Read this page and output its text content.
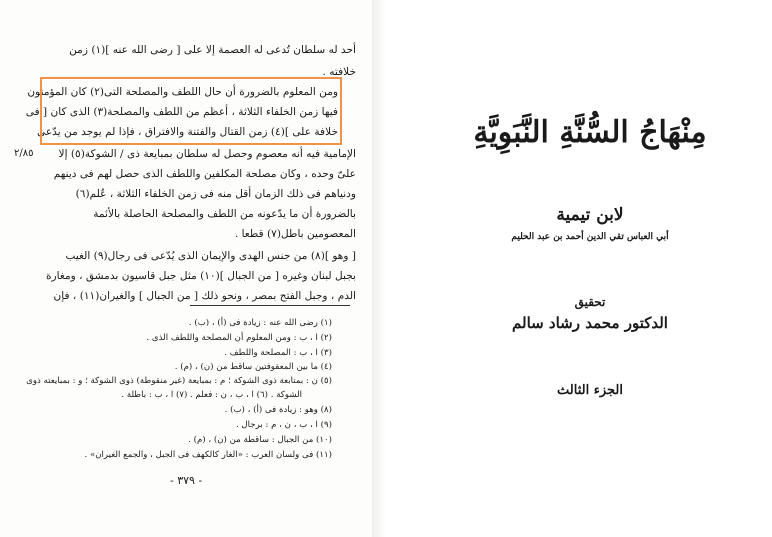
أحد له سلطان تُدعى له العصمة إلا على [ رضى الله عنه ](١) زمن
خلافته .
ومن المعلوم بالضرورة أن حال اللطف والمصلحة التى(٢) كان المؤمنون
فيها زمن الخلفاء الثلاثة ، أعظم من اللطف والمصلحة(٣) الذى كان [ فى
خلافة على ](٤) زمن القتال والفتنة والافتراق ، فإذا لم يوجد من يدّعى
الإمامية فيه أنه معصوم وحصل له سلطان بمبايعة ذى / الشوكة(٥) إلا
علىّ وحده ، وكان مصلحة المكلفين واللطف الذى حصل لهم فى دينهم
ودنياهم فى ذلك الزمان أقل منه فى زمن الخلفاء الثلاثة ، عُلم(٦)
بالضرورة أن ما يدّعونه من اللطف والمصلحة الحاصلة بالأئمة
المعصومين باطل(٧) قطعا .
[ وهو ](٨) من جنس الهدى والإيمان الذى يُدّعى فى رجال(٩) الغيب
بجبل لبنان وغيره [ من الجبال ](١٠) مثل جبل قاسيون بدمشق ، ومغارة
الدم ، وجبل الفتح بمصر ، ونحو ذلك [ من الجبال ] والغيران(١١) ، فإن
٢/٨٥
(١) رضى الله عنه : زيادة فى (أ) ، (ب) .
(٢) ا ، ب : ومن المعلوم أن المصلحة واللطف الذى .
(٣) ا ، ب : المصلحة واللطف .
(٤) ما بين المعقوفتين ساقط من (ن) ، (م) .
(٥) ن : بمتابعة ذوى الشوكة ؛ م : بمبايعة (غير منقوطة) ذوى الشوكة ؛ و : بمبايعته ذوى
الشوكة . (٦) ا ، ب ، ن : فعلم . (٧) ا ، ب : باطلة .
(٨) وهو : زيادة فى (أ) ، (ب) .
(٩) ا ، ب ، ن ، م : برجال .
(١٠) من الجبال : ساقطة من (ن) ، (م) .
(١١) فى ولسان العرب : «الغار كالكهف فى الجبل ، والجمع الغيران» .
- ٣٧٩ -
مِنْهَاجُ السُّنَّةِ النَّبَوِيَّةِ
لابن تيمية
أبي العباس تقي الدين أحمد بن عبد الحليم
تحقيق
الدكتور محمد رشاد سالم
الجزء الثالث
